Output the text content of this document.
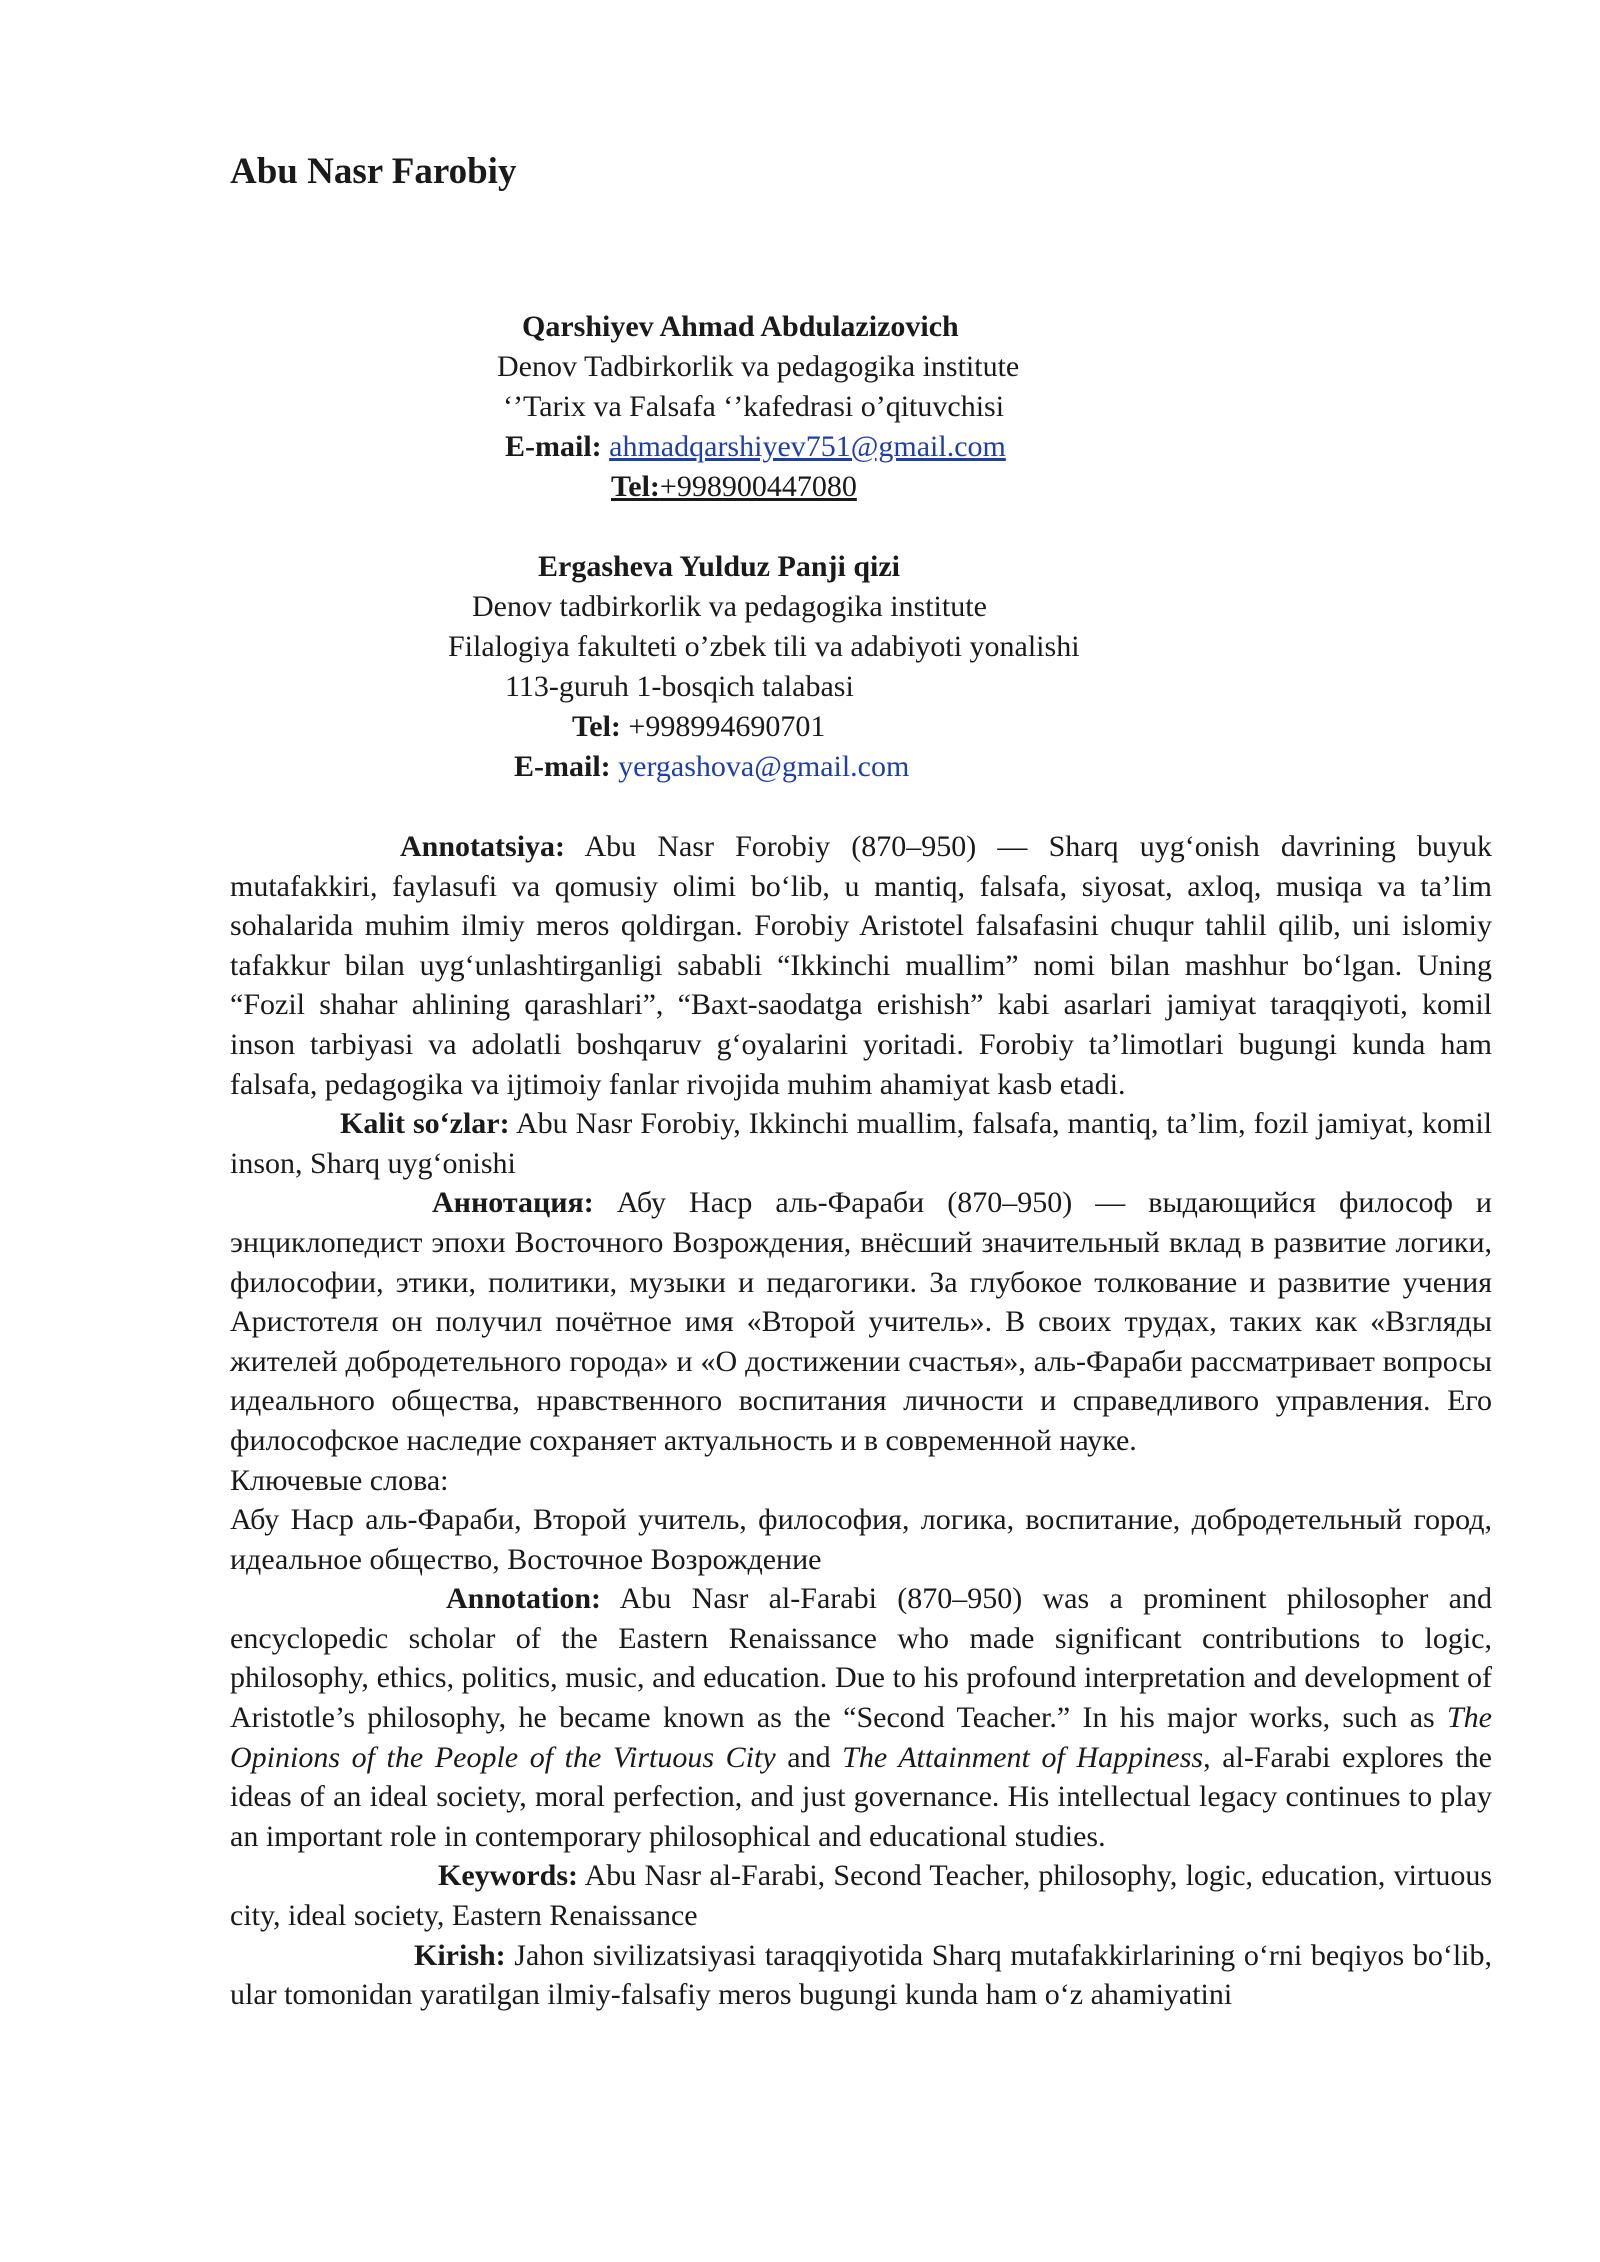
Abu Nasr Farobiy
Qarshiyev Ahmad Abdulazizovich
Denov Tadbirkorlik va pedagogika institute
‘’Tarix va Falsafa ‘’kafedrasi o’qituvchisi
E-mail: ahmadqarshiyev751@gmail.com
Tel:+998900447080
Ergasheva Yulduz Panji qizi
Denov tadbirkorlik va pedagogika institute
Filalogiya fakulteti o’zbek tili va adabiyoti yonalishi
113-guruh 1-bosqich talabasi
Tel: +998994690701
E-mail: yergashova@gmail.com

Annotatsiya: Abu Nasr Forobiy (870–950) — Sharq uyg‘onish davrining buyuk mutafakkiri, faylasufi va qomusiy olimi bo‘lib, u mantiq, falsafa, siyosat, axloq, musiqa va ta’lim sohalarida muhim ilmiy meros qoldirgan. Forobiy Aristotel falsafasini chuqur tahlil qilib, uni islomiy tafakkur bilan uyg‘unlashtirganligi sababli “Ikkinchi muallim” nomi bilan mashhur bo‘lgan. Uning “Fozil shahar ahlining qarashlari”, “Baxt-saodatga erishish” kabi asarlari jamiyat taraqqiyoti, komil inson tarbiyasi va adolatli boshqaruv g‘oyalarini yoritadi. Forobiy ta’limotlari bugungi kunda ham falsafa, pedagogika va ijtimoiy fanlar rivojida muhim ahamiyat kasb etadi.

Kalit so‘zlar: Abu Nasr Forobiy, Ikkinchi muallim, falsafa, mantiq, ta’lim, fozil jamiyat, komil inson, Sharq uyg‘onishi

Аннотация: Абу Наср аль-Фараби (870–950) — выдающийся философ и энциклопедист эпохи Восточного Возрождения, внёсший значительный вклад в развитие логики, философии, этики, политики, музыки и педагогики. За глубокое толкование и развитие учения Аристотеля он получил почётное имя «Второй учитель». В своих трудах, таких как «Взгляды жителей добродетельного города» и «О достижении счастья», аль-Фараби рассматривает вопросы идеального общества, нравственного воспитания личности и справедливого управления. Его философское наследие сохраняет актуальность и в современной науке.

Ключевые слова:

Абу Наср аль-Фараби, Второй учитель, философия, логика, воспитание, добродетельный город, идеальное общество, Восточное Возрождение

Annotation: Abu Nasr al-Farabi (870–950) was a prominent philosopher and encyclopedic scholar of the Eastern Renaissance who made significant contributions to logic, philosophy, ethics, politics, music, and education. Due to his profound interpretation and development of Aristotle’s philosophy, he became known as the “Second Teacher.” In his major works, such as The Opinions of the People of the Virtuous City and The Attainment of Happiness, al-Farabi explores the ideas of an ideal society, moral perfection, and just governance. His intellectual legacy continues to play an important role in contemporary philosophical and educational studies.

Keywords: Abu Nasr al-Farabi, Second Teacher, philosophy, logic, education, virtuous city, ideal society, Eastern Renaissance

Kirish: Jahon sivilizatsiyasi taraqqiyotida Sharq mutafakkirlarining o‘rni beqiyos bo‘lib, ular tomonidan yaratilgan ilmiy-falsafiy meros bugungi kunda ham o‘z ahamiyatini
